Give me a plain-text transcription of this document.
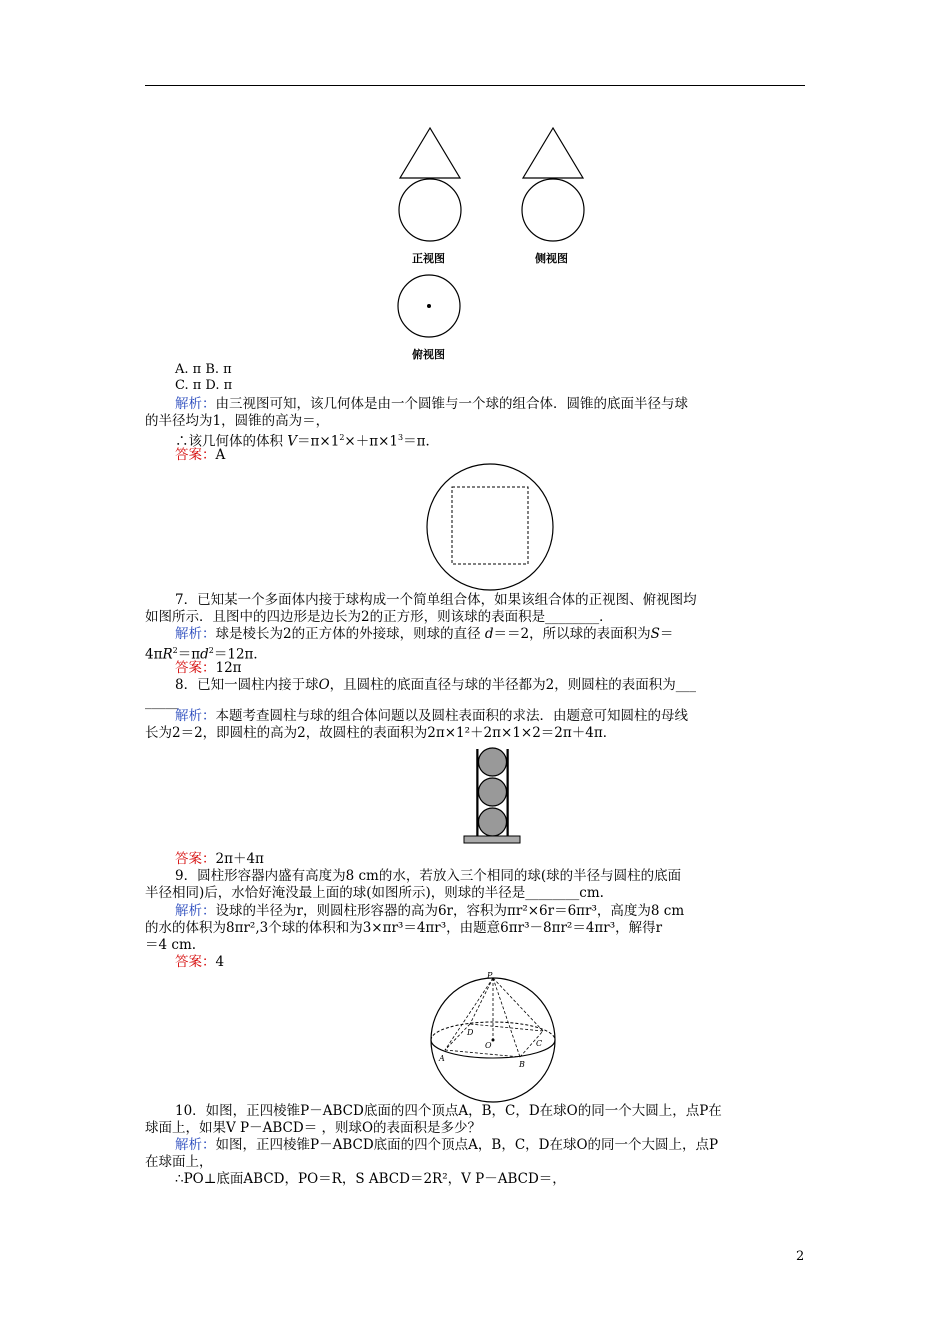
正视图	侧视图
俯视图
A. π B. π
C. π D. π
解析：由三视图可知，该几何体是由一个圆锥与一个球的组合体．圆锥的底面半径与球
的半径均为1，圆锥的高为＝，
∴该几何体的体积 $V=\pi\times 1^2\times+\pi\times 1^3=\pi$．
答案：A
7．已知某一个多面体内接于球构成一个简单组合体，如果该组合体的正视图、俯视图均
如图所示．且图中的四边形是边长为2的正方形，则该球的表面积是________．
解析：球是棱长为2的正方体的外接球，则球的直径 d＝＝2，所以球的表面积为S＝
$4\pi R^2=\pi d^2=12\pi$．
答案：12π
8．已知一圆柱内接于球O，且圆柱的底面直径与球的半径都为2，则圆柱的表面积为___
_____
解析：本题考查圆柱与球的组合体问题以及圆柱表面积的求法．由题意可知圆柱的母线
长为2＝2，即圆柱的高为2，故圆柱的表面积为2π×1²＋2π×1×2＝2π＋4π．
答案：2π＋4π
9．圆柱形容器内盛有高度为8 cm的水，若放入三个相同的球(球的半径与圆柱的底面
半径相同)后，水恰好淹没最上面的球(如图所示)，则球的半径是________cm.
解析：设球的半径为r，则圆柱形容器的高为6r，容积为πr²×6r＝6πr³，高度为8 cm
的水的体积为8πr²,3个球的体积和为3×πr³＝4πr³，由题意6πr³－8πr²＝4πr³，解得r
＝4 cm.
答案：4
P
D
O	C
A
B
10．如图，正四棱锥P－ABCD底面的四个顶点A，B，C，D在球O的同一个大圆上，点P在
球面上，如果V P－ABCD＝ ，则球O的表面积是多少？
解析：如图，正四棱锥P－ABCD底面的四个顶点A，B，C，D在球O的同一个大圆上，点P
在球面上，
∴PO⊥底面ABCD，PO＝R，S ABCD＝2R²，V P－ABCD＝，
2
